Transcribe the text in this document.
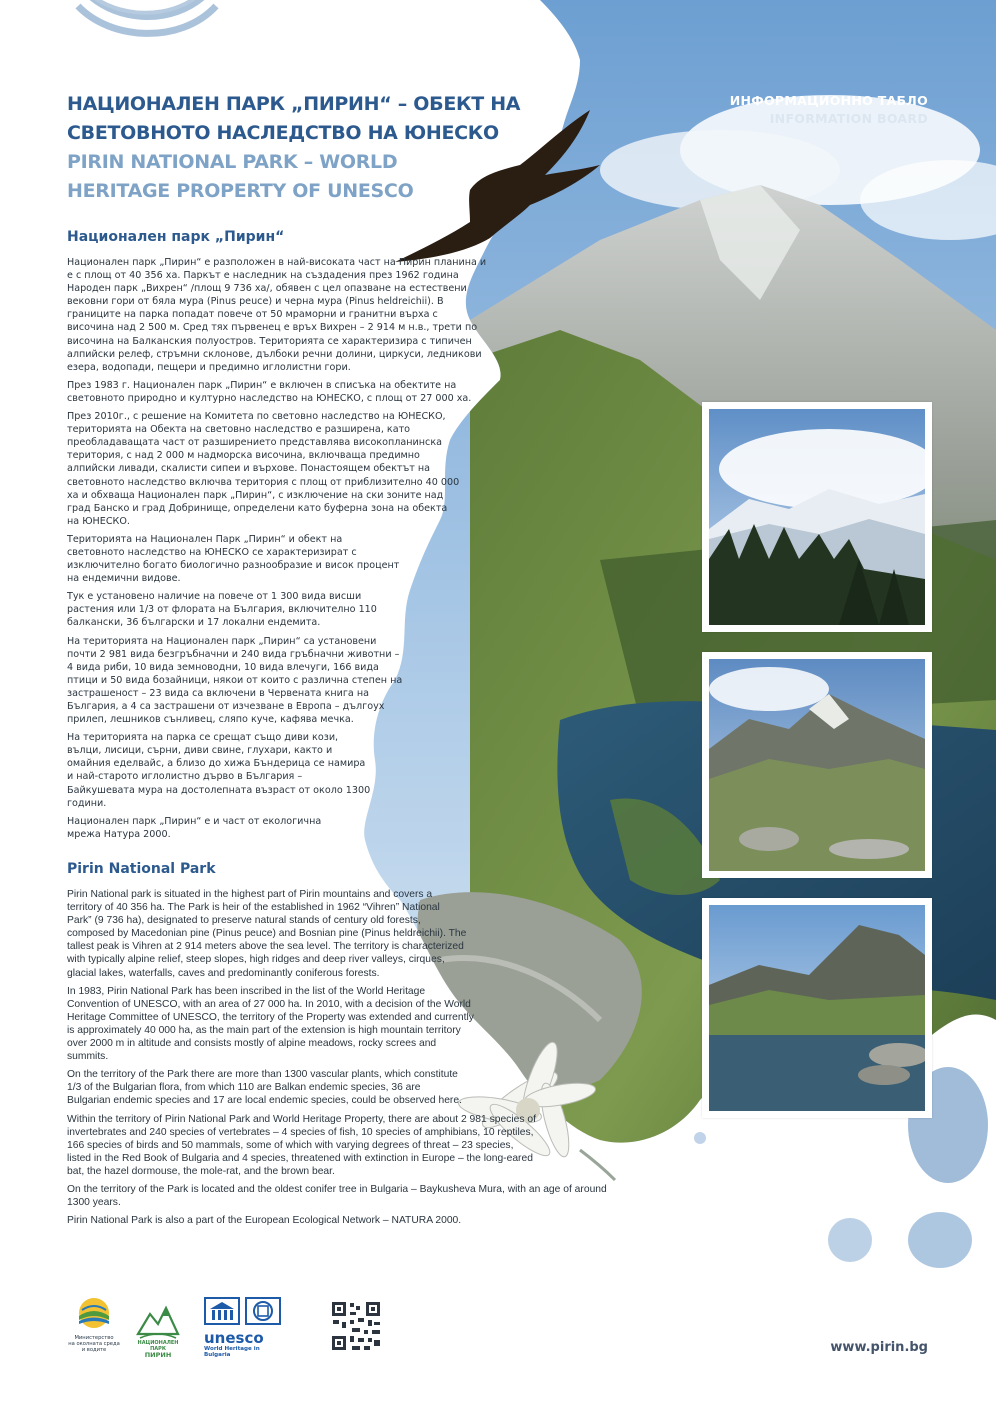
НАЦИОНАЛЕН ПАРК „ПИРИН“ – ОБЕКТ НА
СВЕТОВНОТО НАСЛЕДСТВО НА ЮНЕСКО
PIRIN NATIONAL PARK – WORLD
HERITAGE PROPERTY OF UNESCO
ИНФОРМАЦИОННО ТАБЛО
INFORMATION BOARD
Национален парк „Пирин“

Национален парк „Пирин“ е разположен в най-високата част на Пирин планина и е с площ от 40 356 ха. Паркът е наследник на създадения през 1962 година Народен парк „Вихрен“ /площ 9 736 ха/, обявен с цел опазване на естествени вековни гори от бяла мура (Pinus peuce) и черна мура (Pinus heldreichii). В границите на парка попадат повече от 50 мраморни и гранитни върха с височина над 2 500 м. Сред тях първенец е връх Вихрен – 2 914 м н.в., трети по височина на Балканския полуостров. Територията се характеризира с типичен алпийски релеф, стръмни склонове, дълбоки речни долини, циркуси, ледникови езера, водопади, пещери и предимно иглолистни гори.

През 1983 г. Национален парк „Пирин“ е включен в списъка на обектите на световното природно и културно наследство на ЮНЕСКО, с площ от 27 000 ха.

През 2010г., с решение на Комитета по световно наследство на ЮНЕСКО, територията на Обекта на световно наследство е разширена, като преобладаващата част от разширението представлява високопланинска територия, с над 2 000 м надморска височина, включваща предимно алпийски ливади, скалисти сипеи и върхове. Понастоящем обектът на световното наследство включва територия с площ от приблизително 40 000 ха и обхваща Национален парк „Пирин“, с изключение на ски зоните над град Банско и град Добринище, определени като буферна зона на обекта на ЮНЕСКО.

Територията на Национален Парк „Пирин“ и обект на световното наследство на ЮНЕСКО се характеризират с изключително богато биологично разнообразие и висок процент на ендемични видове.

Тук е установено наличие на повече от 1 300 вида висши растения или 1/3 от флората на България, включително 110 балкански, 36 български и 17 локални ендемита.

На територията на Национален парк „Пирин“ са установени почти 2 981 вида безгръбначни и 240 вида гръбначни животни – 4 вида риби, 10 вида земноводни, 10 вида влечуги, 166 вида птици и 50 вида бозайници, някои от които с различна степен на застрашеност – 23 вида са включени в Червената книга на България, а 4 са застрашени от изчезване в Европа – дългоух прилеп, лешников сънливец, сляпо куче, кафява мечка.

На територията на парка се срещат също диви кози, вълци, лисици, сърни, диви свине, глухари, както и омайния еделвайс, а близо до хижа Бъндерица се намира и най-старото иглолистно дърво в България – Байкушевата мура на достолепната възраст от около 1300 години.

Национален парк „Пирин“ е и част от екологична мрежа Натура 2000.

Pirin National Park

Pirin National park is situated in the highest part of Pirin mountains and covers a territory of 40 356 ha. The Park is heir of the established in 1962 “Vihren” National Park” (9 736 ha), designated to preserve natural stands of century old forests, composed by Macedonian pine (Pinus peuce) and Bosnian pine (Pinus heldreichii). The tallest peak is Vihren at 2 914 meters above the sea level. The territory is characterized with typically alpine relief, steep slopes, high ridges and deep river valleys, cirques, glacial lakes, waterfalls, caves and predominantly coniferous forests.

In 1983, Pirin National Park has been inscribed in the list of the World Heritage Convention of UNESCO, with an area of 27 000 ha. In 2010, with a decision of the World Heritage Committee of UNESCO, the territory of the Property was extended and currently is approximately 40 000 ha, as the main part of the extension is high mountain territory over 2000 m in altitude and consists mostly of alpine meadows, rocky screes and summits.

On the territory of the Park there are more than 1300 vascular plants, which constitute 1/3 of the Bulgarian flora, from which 110 are Balkan endemic species, 36 are Bulgarian endemic species and 17 are local endemic species, could be observed here.

Within the territory of Pirin National Park and World Heritage Property, there are about 2 981 species of invertebrates and 240 species of vertebrates – 4 species of fish, 10 species of amphibians, 10 reptiles, 166 species of birds and 50 mammals, some of which with varying degrees of threat – 23 species, listed in the Red Book of Bulgaria and 4 species, threatened with extinction in Europe – the long-eared bat, the hazel dormouse, the mole-rat, and the brown bear.

On the territory of the Park is located and the oldest conifer tree in Bulgaria – Baykusheva Mura, with an age of around 1300 years.

Pirin National Park is also a part of the European Ecological Network – NATURA 2000.

Министерство
на околната среда
и водите
НАЦИОНАЛЕН ПАРК
ПИРИН
unesco
World Heritage in Bulgaria	www.pirin.bg
